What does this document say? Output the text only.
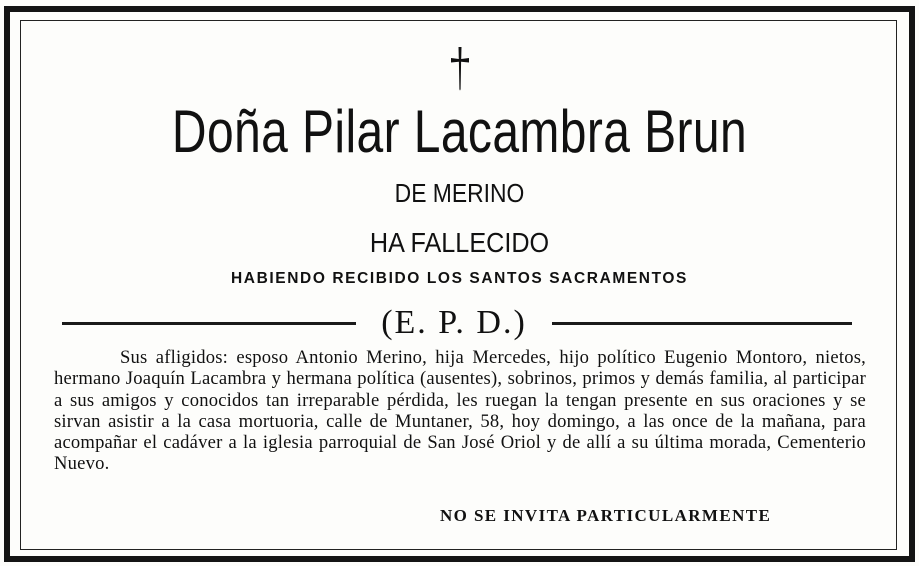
Doña Pilar Lacambra Brun
DE MERINO
HA FALLECIDO
HABIENDO RECIBIDO LOS SANTOS SACRAMENTOS
(E. P. D.)
Sus afligidos: esposo Antonio Merino, hija Mercedes, hijo político Eugenio Montoro, nietos, hermano Joaquín Lacambra y hermana política (ausentes), sobrinos, primos y demás familia, al participar a sus amigos y conocidos tan irreparable pérdida, les ruegan la tengan presente en sus oraciones y se sirvan asistir a la casa mortuoria, calle de Muntaner, 58, hoy domingo, a las once de la mañana, para acompañar el cadáver a la iglesia parroquial de San José Oriol y de allí a su última morada, Cementerio Nuevo.
NO SE INVITA PARTICULARMENTE
